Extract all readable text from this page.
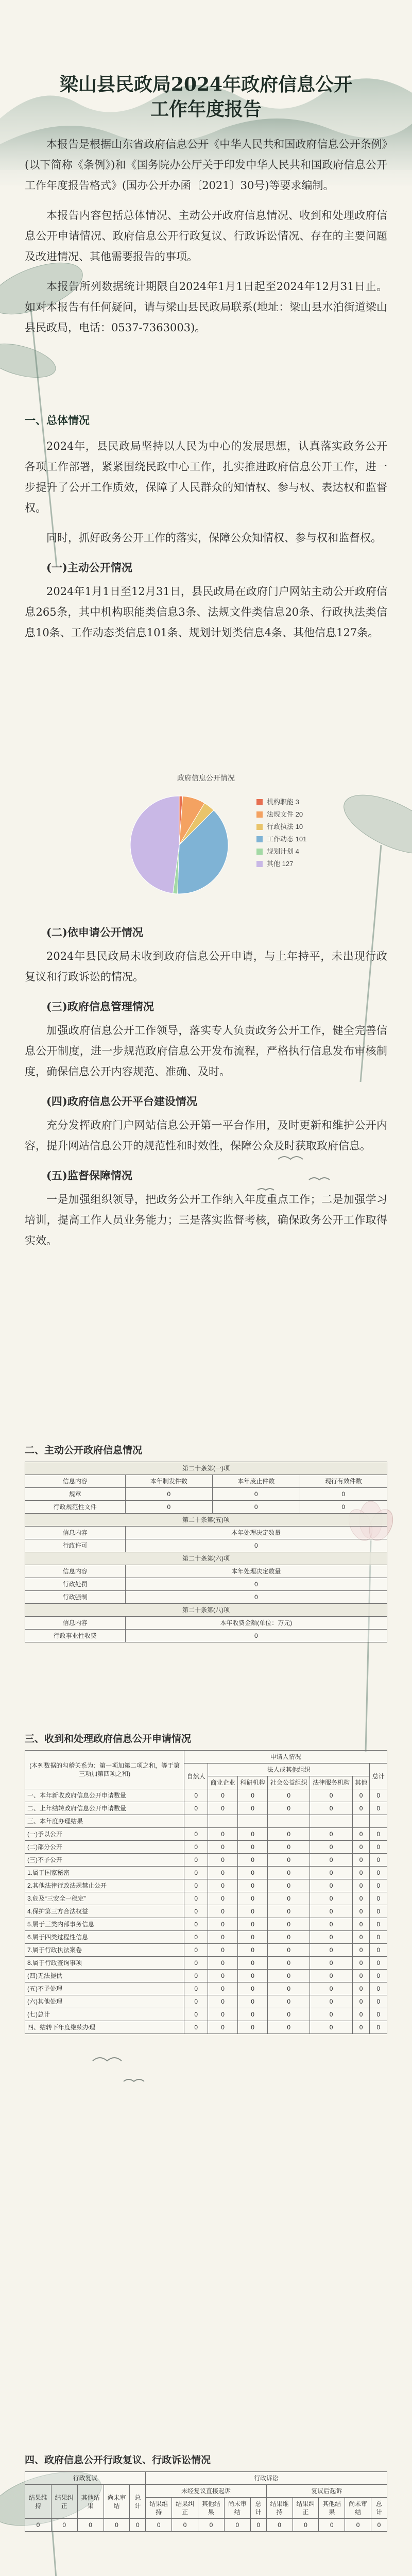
梁山县民政局2024年政府信息公开
工作年度报告

本报告是根据山东省政府信息公开《中华人民共和国政府信息公开条例》(以下简称《条例》)和《国务院办公厅关于印发中华人民共和国政府信息公开工作年度报告格式》(国办公开办函〔2021〕30号)等要求编制。

本报告内容包括总体情况、主动公开政府信息情况、收到和处理政府信息公开申请情况、政府信息公开行政复议、行政诉讼情况、存在的主要问题及改进情况、其他需要报告的事项。

本报告所列数据统计期限自2024年1月1日起至2024年12月31日止。如对本报告有任何疑问，请与梁山县民政局联系(地址：梁山县水泊街道梁山县民政局，电话：0537-7363003)。

一、总体情况

2024年，县民政局坚持以人民为中心的发展思想，认真落实政务公开各项工作部署，紧紧围绕民政中心工作，扎实推进政府信息公开工作，进一步提升了公开工作质效，保障了人民群众的知情权、参与权、表达权和监督权。

同时，抓好政务公开工作的落实，保障公众知情权、参与权和监督权。

(一)主动公开情况

2024年1月1日至12月31日，县民政局在政府门户网站主动公开政府信息265条，其中机构职能类信息3条、法规文件类信息20条、行政执法类信息10条、工作动态类信息101条、规划计划类信息4条、其他信息127条。

政府信息公开情况
机构职能 3
法规文件 20
行政执法 10
工作动态 101
规划计划 4
其他 127
(二)依申请公开情况

2024年县民政局未收到政府信息公开申请，与上年持平，未出现行政复议和行政诉讼的情况。

(三)政府信息管理情况

加强政府信息公开工作领导，落实专人负责政务公开工作，健全完善信息公开制度，进一步规范政府信息公开发布流程，严格执行信息发布审核制度，确保信息公开内容规范、准确、及时。

(四)政府信息公开平台建设情况

充分发挥政府门户网站信息公开第一平台作用，及时更新和维护公开内容，提升网站信息公开的规范性和时效性，保障公众及时获取政府信息。

(五)监督保障情况

一是加强组织领导，把政务公开工作纳入年度重点工作；二是加强学习培训，提高工作人员业务能力；三是落实监督考核，确保政务公开工作取得实效。

二、主动公开政府信息情况
第二十条第(一)项			
信息内容	本年制发件数	本年废止件数	现行有效件数
规章	0	0	0
行政规范性文件	0	0	0
第二十条第(五)项			
信息内容	本年处理决定数量		
行政许可	0		
第二十条第(六)项			
信息内容	本年处理决定数量		
行政处罚	0		
行政强制	0		
第二十条第(八)项			
信息内容	本年收费金额(单位：万元)		
行政事业性收费	0		
三、收到和处理政府信息公开申请情况
(本列数据的勾稽关系为：第一项加第二项之和，等于第三项加第四项之和)	申请人情况						
	自然人	法人或其他组织					总计
		商业企业	科研机构	社会公益组织	法律服务机构	其他	
一、本年新收政府信息公开申请数量	0	0	0	0	0	0	0
二、上年结转政府信息公开申请数量	0	0	0	0	0	0	0
三、本年度办理结果							
(一)予以公开	0	0	0	0	0	0	0
(二)部分公开	0	0	0	0	0	0	0
(三)不予公开	0	0	0	0	0	0	0
1.属于国家秘密	0	0	0	0	0	0	0
2.其他法律行政法规禁止公开	0	0	0	0	0	0	0
3.危及“三安全一稳定”	0	0	0	0	0	0	0
4.保护第三方合法权益	0	0	0	0	0	0	0
5.属于三类内部事务信息	0	0	0	0	0	0	0
6.属于四类过程性信息	0	0	0	0	0	0	0
7.属于行政执法案卷	0	0	0	0	0	0	0
8.属于行政查询事项	0	0	0	0	0	0	0
(四)无法提供	0	0	0	0	0	0	0
(五)不予处理	0	0	0	0	0	0	0
(六)其他处理	0	0	0	0	0	0	0
(七)总计	0	0	0	0	0	0	0
四、结转下年度继续办理	0	0	0	0	0	0	0
四、政府信息公开行政复议、行政诉讼情况
行政复议					行政诉讼									
结果维持	结果纠正	其他结果	尚未审结	总计	未经复议直接起诉					复议后起诉				
					结果维持	结果纠正	其他结果	尚未审结	总计	结果维持	结果纠正	其他结果	尚未审结	总计
0	0	0	0	0	0	0	0	0	0	0	0	0	0	0
